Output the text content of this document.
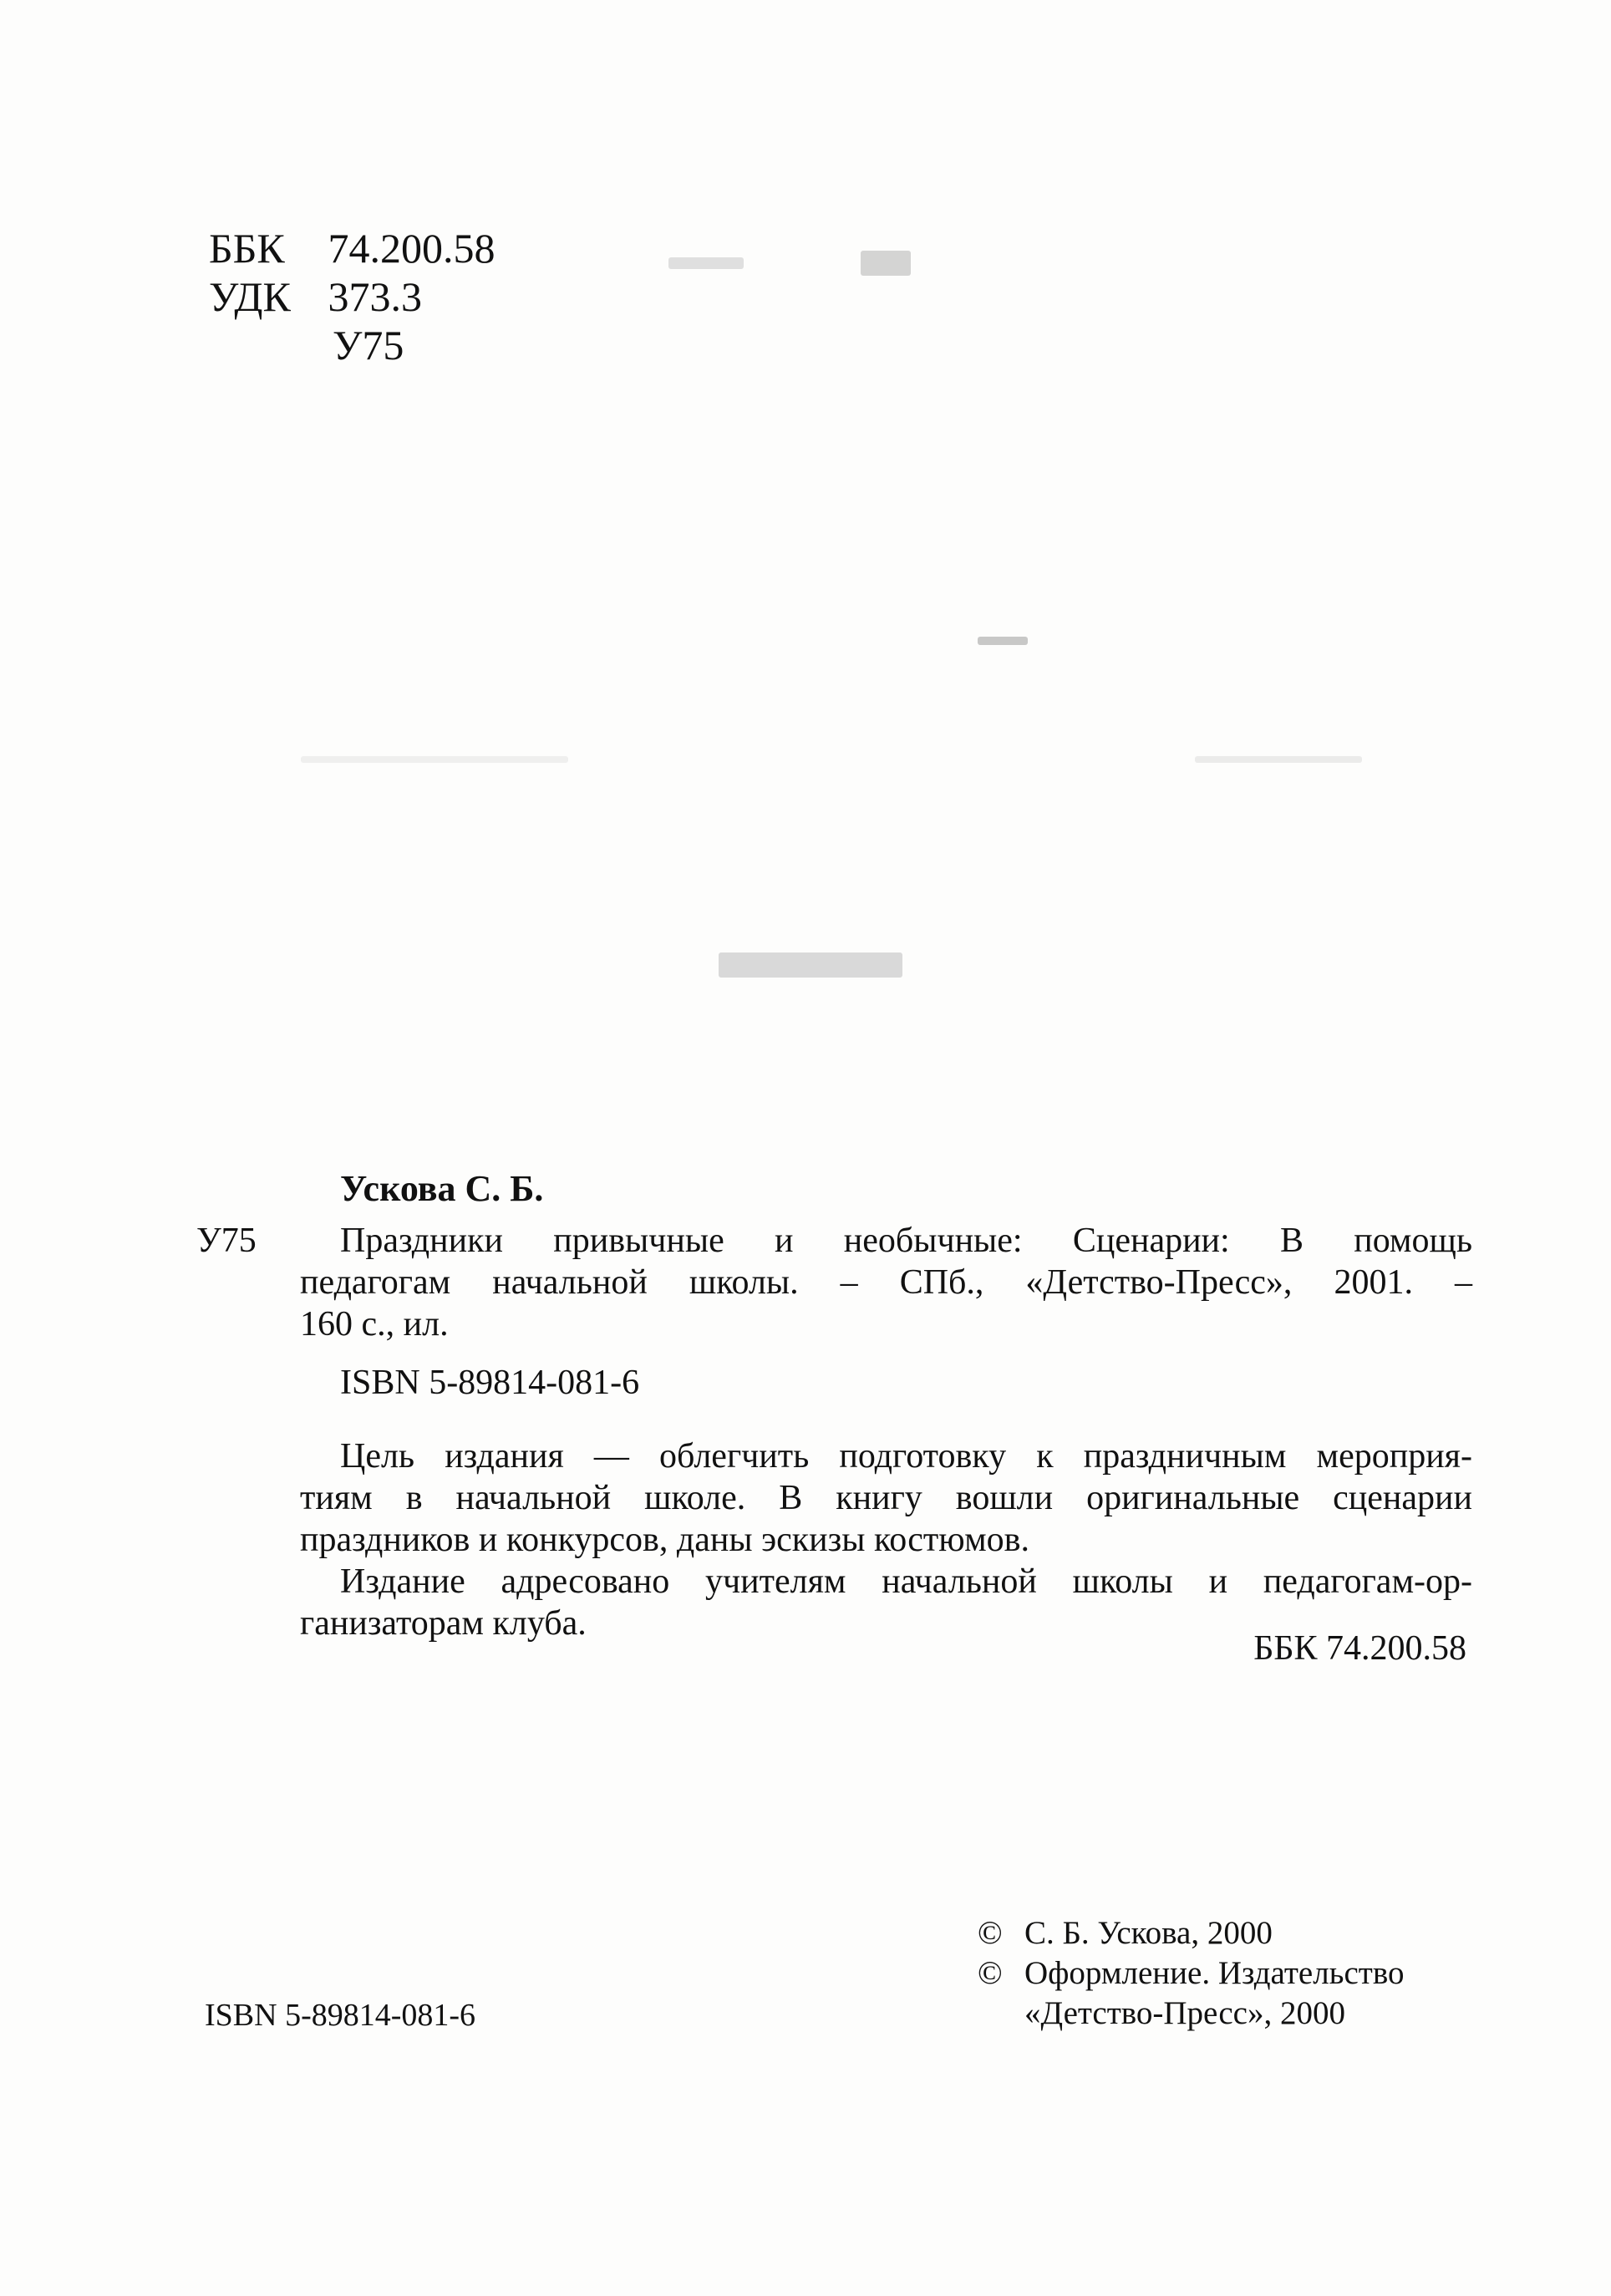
ББК 74.200.58
УДК 373.3
У75
Ускова С. Б.
У75 Праздники привычные и необычные: Сценарии: В помощь
педагогам начальной школы. – СПб., «Детство-Пресс», 2001. –
160 с., ил.
ISBN 5-89814-081-6
Цель издания — облегчить подготовку к праздничным мероприя-
тиям в начальной школе. В книгу вошли оригинальные сценарии
праздников и конкурсов, даны эскизы костюмов.
Издание адресовано учителям начальной школы и педагогам-ор-
ганизаторам клуба.
ББК 74.200.58
ISBN 5-89814-081-6
© С. Б. Ускова, 2000
© Оформление. Издательство
«Детство-Пресс», 2000
